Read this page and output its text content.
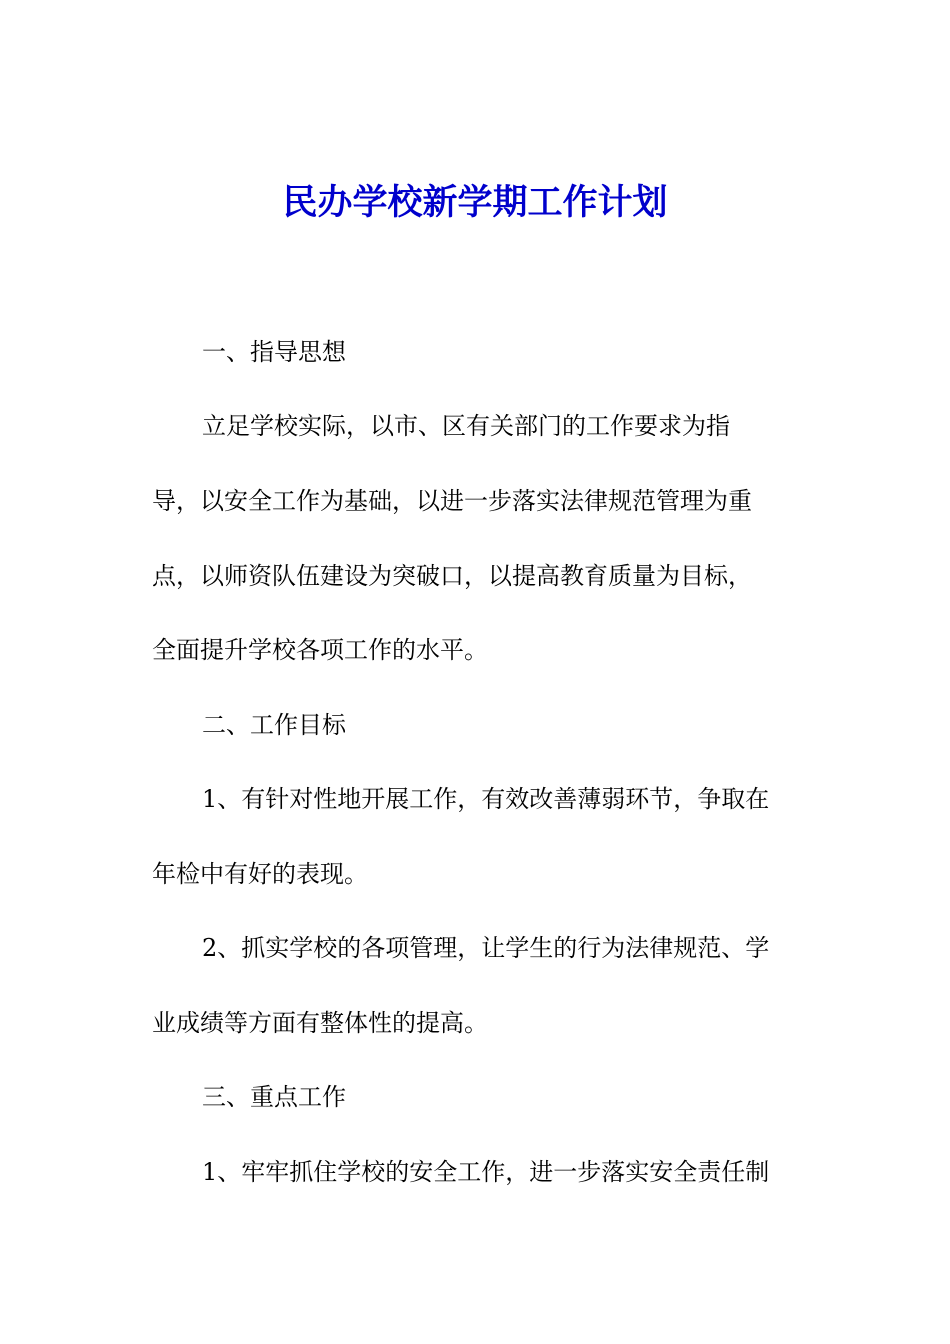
民办学校新学期工作计划
一、指导思想
立足学校实际，以市、区有关部门的工作要求为指
导，以安全工作为基础，以进一步落实法律规范管理为重
点，以师资队伍建设为突破口，以提高教育质量为目标，
全面提升学校各项工作的水平。
二、工作目标
1、有针对性地开展工作，有效改善薄弱环节，争取在
年检中有好的表现。
2、抓实学校的各项管理，让学生的行为法律规范、学
业成绩等方面有整体性的提高。
三、重点工作
1、牢牢抓住学校的安全工作，进一步落实安全责任制
